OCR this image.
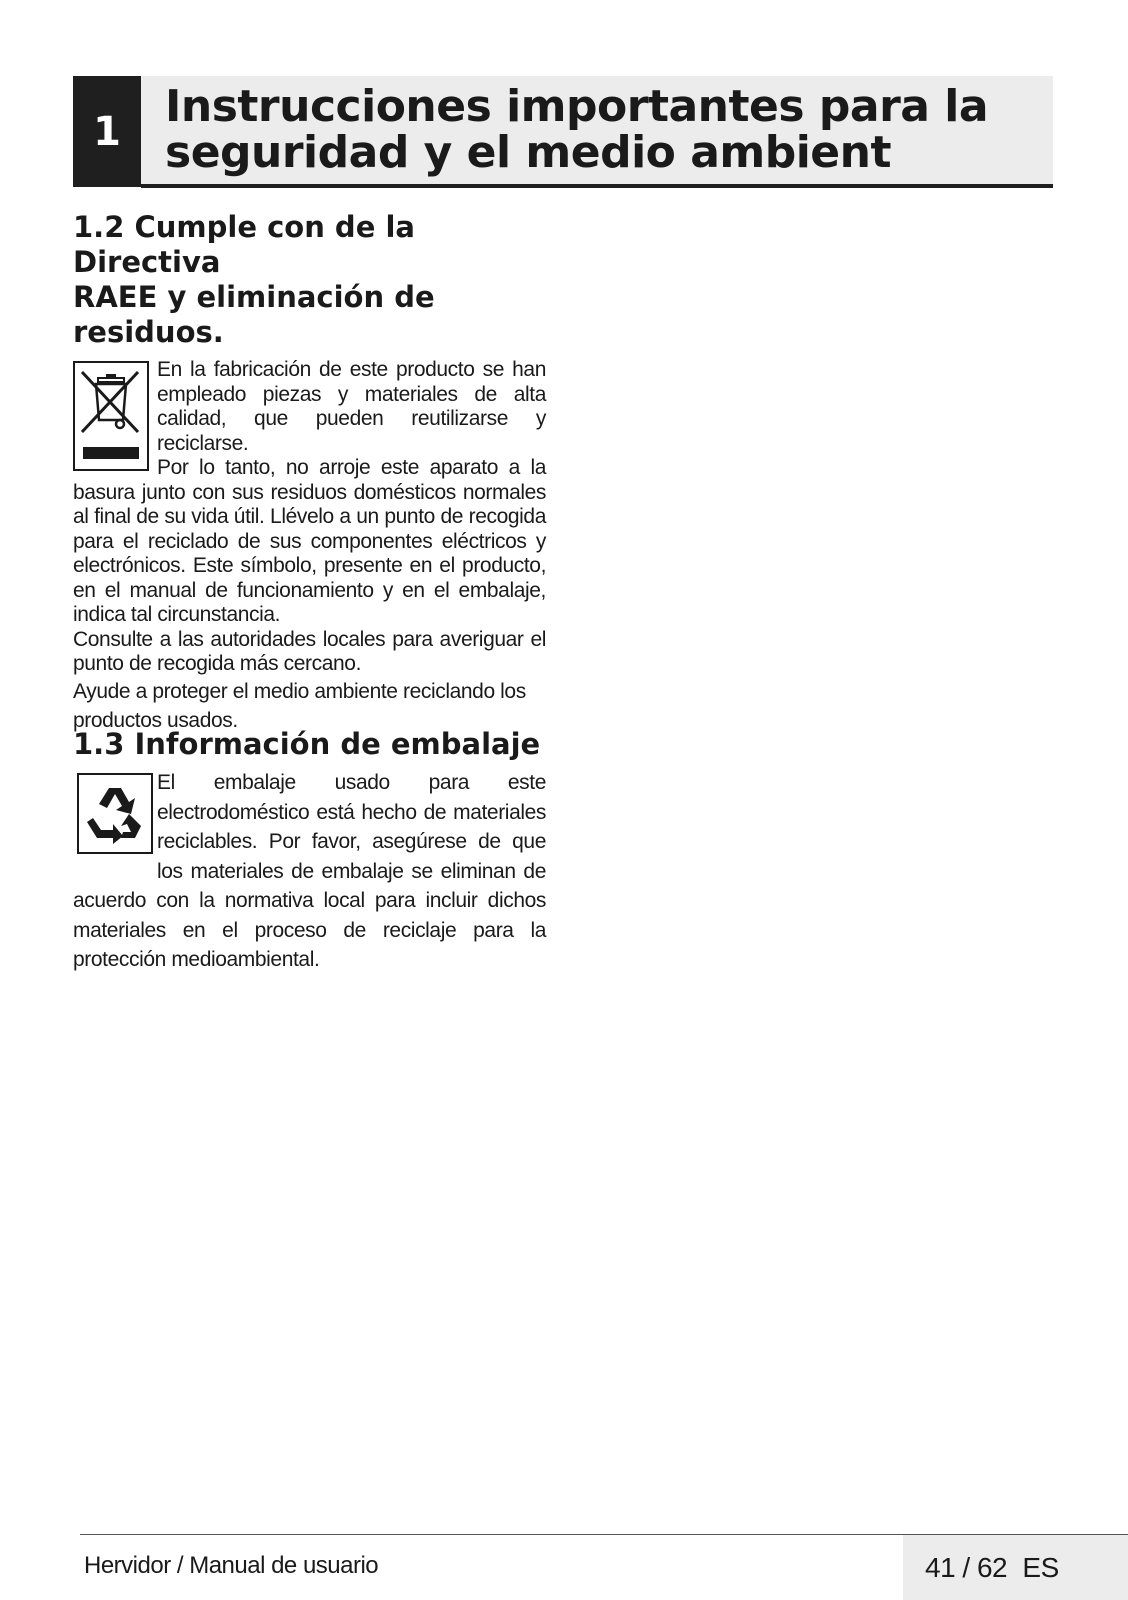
1	Instrucciones importantes para la
seguridad y el medio ambient
1.2 Cumple con de la Directiva
RAEE y eliminación de
residuos.

En la fabricación de este producto se han empleado piezas y materiales de alta calidad, que pueden reutilizarse y reciclarse.

Por lo tanto, no arroje este aparato a la basura junto con sus residuos domésticos normales al final de su vida útil. Llévelo a un punto de recogida para el reciclado de sus componentes eléctricos y electrónicos. Este símbolo, presente en el producto, en el manual de funcionamiento y en el embalaje, indica tal circunstancia.

Consulte a las autoridades locales para averiguar el punto de recogida más cercano.

Ayude a proteger el medio ambiente reciclando los productos usados.

1.3 Información de embalaje

El embalaje usado para este electrodoméstico está hecho de materiales reciclables. Por favor, asegúrese de que los materiales de embalaje se eliminan de acuerdo con la normativa local para incluir dichos materiales en el proceso de reciclaje para la protección medioambiental.

Hervidor / Manual de usuario	41 / 62 ES
